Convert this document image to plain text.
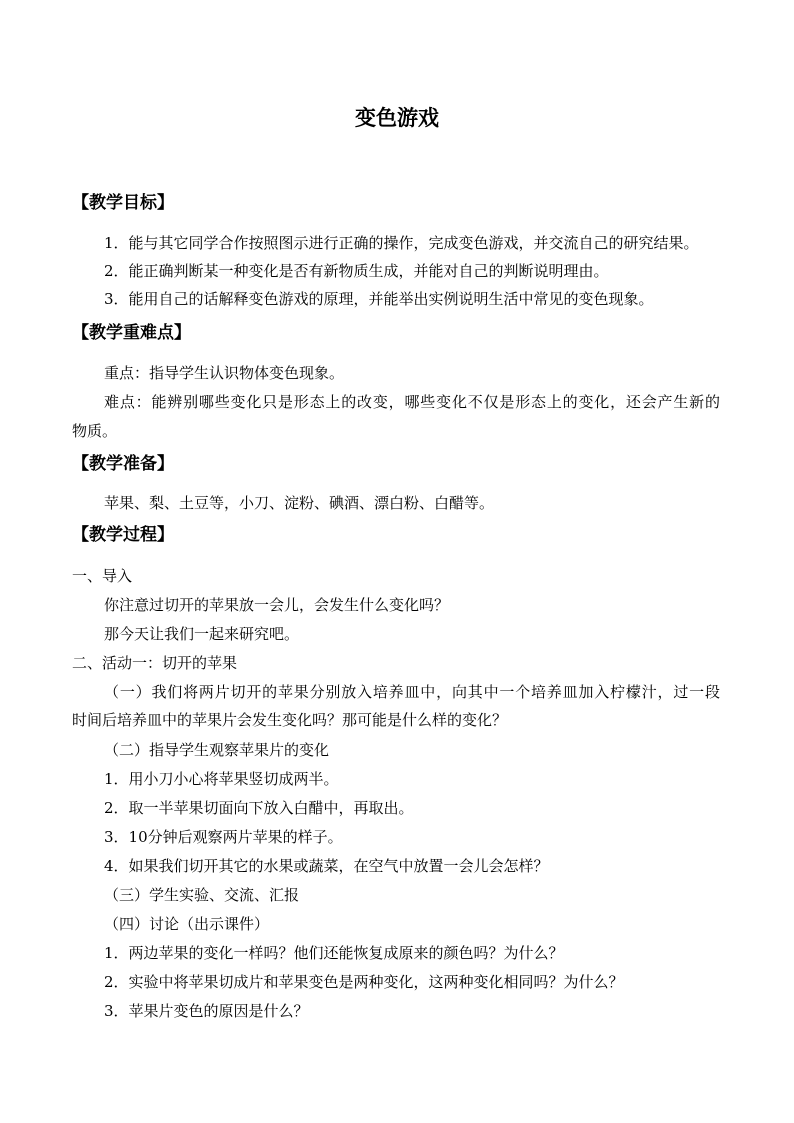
变色游戏
【教学目标】
1．能与其它同学合作按照图示进行正确的操作，完成变色游戏，并交流自己的研究结果。
2．能正确判断某一种变化是否有新物质生成，并能对自己的判断说明理由。
3．能用自己的话解释变色游戏的原理，并能举出实例说明生活中常见的变色现象。
【教学重难点】
重点：指导学生认识物体变色现象。
难点：能辨别哪些变化只是形态上的改变，哪些变化不仅是形态上的变化，还会产生新的
物质。
【教学准备】
苹果、梨、土豆等，小刀、淀粉、碘酒、漂白粉、白醋等。
【教学过程】
一、导入
你注意过切开的苹果放一会儿，会发生什么变化吗？
那今天让我们一起来研究吧。
二、活动一：切开的苹果
（一）我们将两片切开的苹果分别放入培养皿中，向其中一个培养皿加入柠檬汁，过一段
时间后培养皿中的苹果片会发生变化吗？那可能是什么样的变化？
（二）指导学生观察苹果片的变化
1．用小刀小心将苹果竖切成两半。
2．取一半苹果切面向下放入白醋中，再取出。
3．10分钟后观察两片苹果的样子。
4．如果我们切开其它的水果或蔬菜，在空气中放置一会儿会怎样？
（三）学生实验、交流、汇报
（四）讨论（出示课件）
1．两边苹果的变化一样吗？他们还能恢复成原来的颜色吗？为什么？
2．实验中将苹果切成片和苹果变色是两种变化，这两种变化相同吗？为什么？
3．苹果片变色的原因是什么？
